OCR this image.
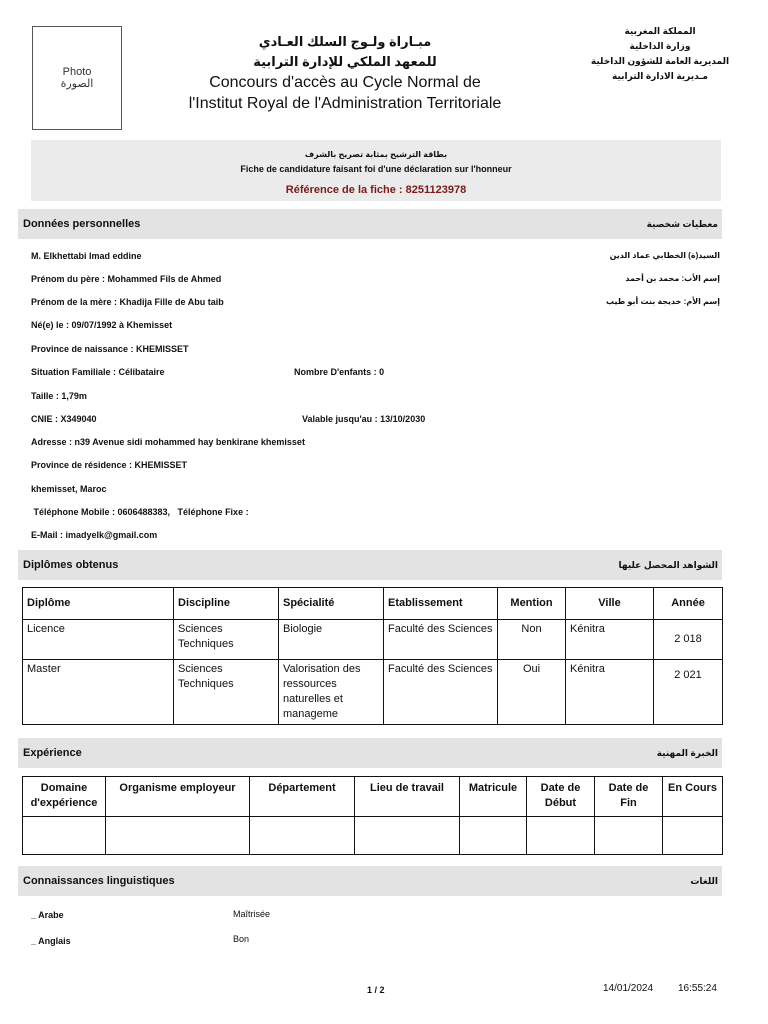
Photo
الصورة
مبـاراة ولـوج السلك العـادي
للمعهد الملكي للإدارة الترابية
Concours d'accès au Cycle Normal de
l'Institut Royal de l'Administration Territoriale
المملكة المغربية
وزارة الداخلية
المديرية العامة للشؤون الداخلية
مـديرية الادارة الترابية
بطاقة الترشيح بمثابة تصريح بالشرف
Fiche de candidature faisant foi d'une déclaration sur l'honneur
Référence de la fiche : 8251123978
Données personnelles	معطيات شخصية
M. Elkhettabi Imad eddine	السيد(ة) الخطابي عماد الدين
Prénom du père : Mohammed Fils de Ahmed	إسم الأب: محمد بن أحمد
Prénom de la mère : Khadija Fille de Abu taib	إسم الأم: خديجة بنت أبو طيب
Né(e) le : 09/07/1992 à Khemisset
Province de naissance : KHEMISSET
Situation Familiale : Célibataire	Nombre D'enfants : 0
Taille : 1,79m
CNIE : X349040	Valable jusqu'au : 13/10/2030
Adresse : n39 Avenue sidi mohammed hay benkirane khemisset
Province de résidence : KHEMISSET
khemisset, Maroc
Téléphone Mobile : 0606488383,   Téléphone Fixe :
E-Mail : imadyelk@gmail.com
Diplômes obtenus	الشواهد المحصل عليها
Diplôme	Discipline	Spécialité	Etablissement	Mention	Ville	Année
Licence	Sciences Techniques	Biologie	Faculté des Sciences	Non	Kénitra	2 018
Master	Sciences Techniques	Valorisation des ressources naturelles et manageme	Faculté des Sciences	Oui	Kénitra	2 021
Expérience	الخبرة المهنية
Domaine d'expérience	Organisme employeur	Département	Lieu de travail	Matricule	Date de Début	Date de Fin	En Cours

Connaissances linguistiques	اللغات
_ Arabe	Maîtrisée
_ Anglais	Bon
1 / 2	14/01/2024 16:55:24
